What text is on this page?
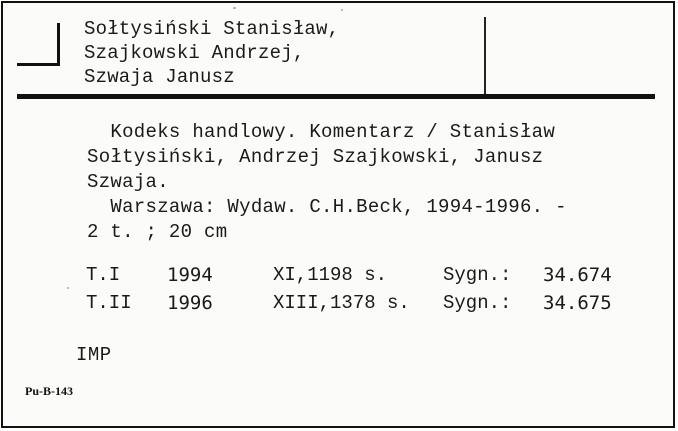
Sołtysiński Stanisław,
Szajkowski Andrzej,
Szwaja Janusz
Kodeks handlowy. Komentarz / Stanisław
Sołtysiński, Andrzej Szajkowski, Janusz
Szwaja.
Warszawa: Wydaw. C.H.Beck, 1994-1996. -
2 t. ; 20 cm
T.I	1994	XI,1198 s.	Sygn.:	34.674
T.II	1996	XIII,1378 s.	Sygn.:	34.675
IMP
Pu-B-143
